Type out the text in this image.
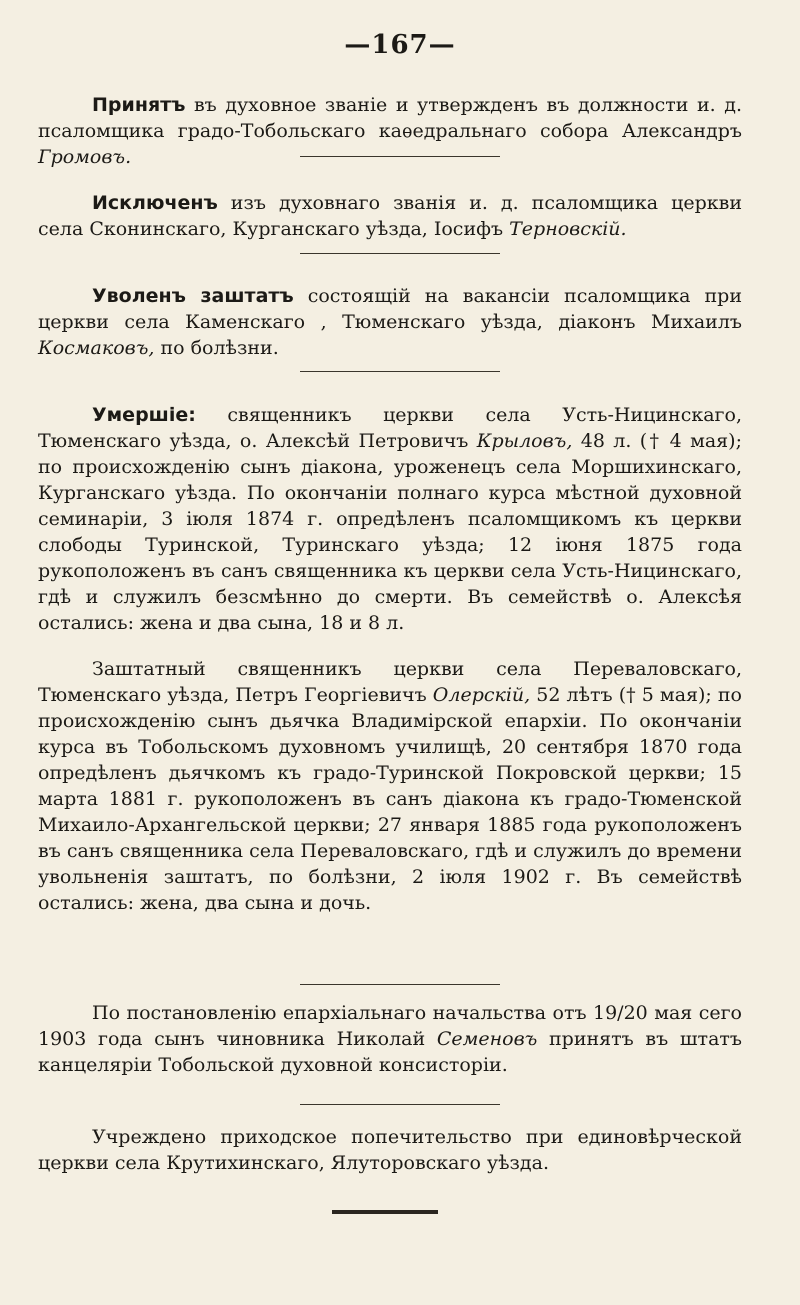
—167—

Принятъ въ духовное званіе и утвержденъ въ должности и. д. псаломщика градо-Тобольскаго каѳедральнаго собора Александръ Громовъ.

Исключенъ изъ духовнаго званія и. д. псаломщика церкви села Сконинскаго, Курганскаго уѣзда, Іосифъ Терновскій.

Уволенъ заштатъ состоящій на вакансіи псаломщика при церкви села Каменскаго , Тюменскаго уѣзда, діаконъ Михаилъ Космаковъ, по болѣзни.

Умершіе: священникъ церкви села Усть-Ницинскаго, Тюменскаго уѣзда, о. Алексѣй Петровичъ Крыловъ, 48 л. († 4 мая); по происхожденію сынъ діакона, уроженецъ села Моршихинскаго, Курганскаго уѣзда. По окончаніи полнаго курса мѣстной духовной семинаріи, 3 іюля 1874 г. опредѣленъ псаломщикомъ къ церкви слободы Туринской, Туринскаго уѣзда; 12 іюня 1875 года рукоположенъ въ санъ священника къ церкви села Усть-Ницинскаго, гдѣ и служилъ безсмѣнно до смерти. Въ семействѣ о. Алексѣя остались: жена и два сына, 18 и 8 л.

Заштатный священникъ церкви села Переваловскаго, Тюменскаго уѣзда, Петръ Георгіевичъ Олерскій, 52 лѣтъ († 5 мая); по происхожденію сынъ дьячка Владимірской епархіи. По окончаніи курса въ Тобольскомъ духовномъ училищѣ, 20 сентября 1870 года опредѣленъ дьячкомъ къ градо-Туринской Покровской церкви; 15 марта 1881 г. рукоположенъ въ санъ діакона къ градо-Тюменской Михаило-Архангельской церкви; 27 января 1885 года рукоположенъ въ санъ священника села Переваловскаго, гдѣ и служилъ до времени увольненія заштатъ, по болѣзни, 2 іюля 1902 г. Въ семействѣ остались: жена, два сына и дочь.

По постановленію епархіальнаго начальства отъ 19/20 мая сего 1903 года сынъ чиновника Николай Семеновъ принятъ въ штатъ канцеляріи Тобольской духовной консисторіи.

Учреждено приходское попечительство при единовѣрческой церкви села Крутихинскаго, Ялуторовскаго уѣзда.
